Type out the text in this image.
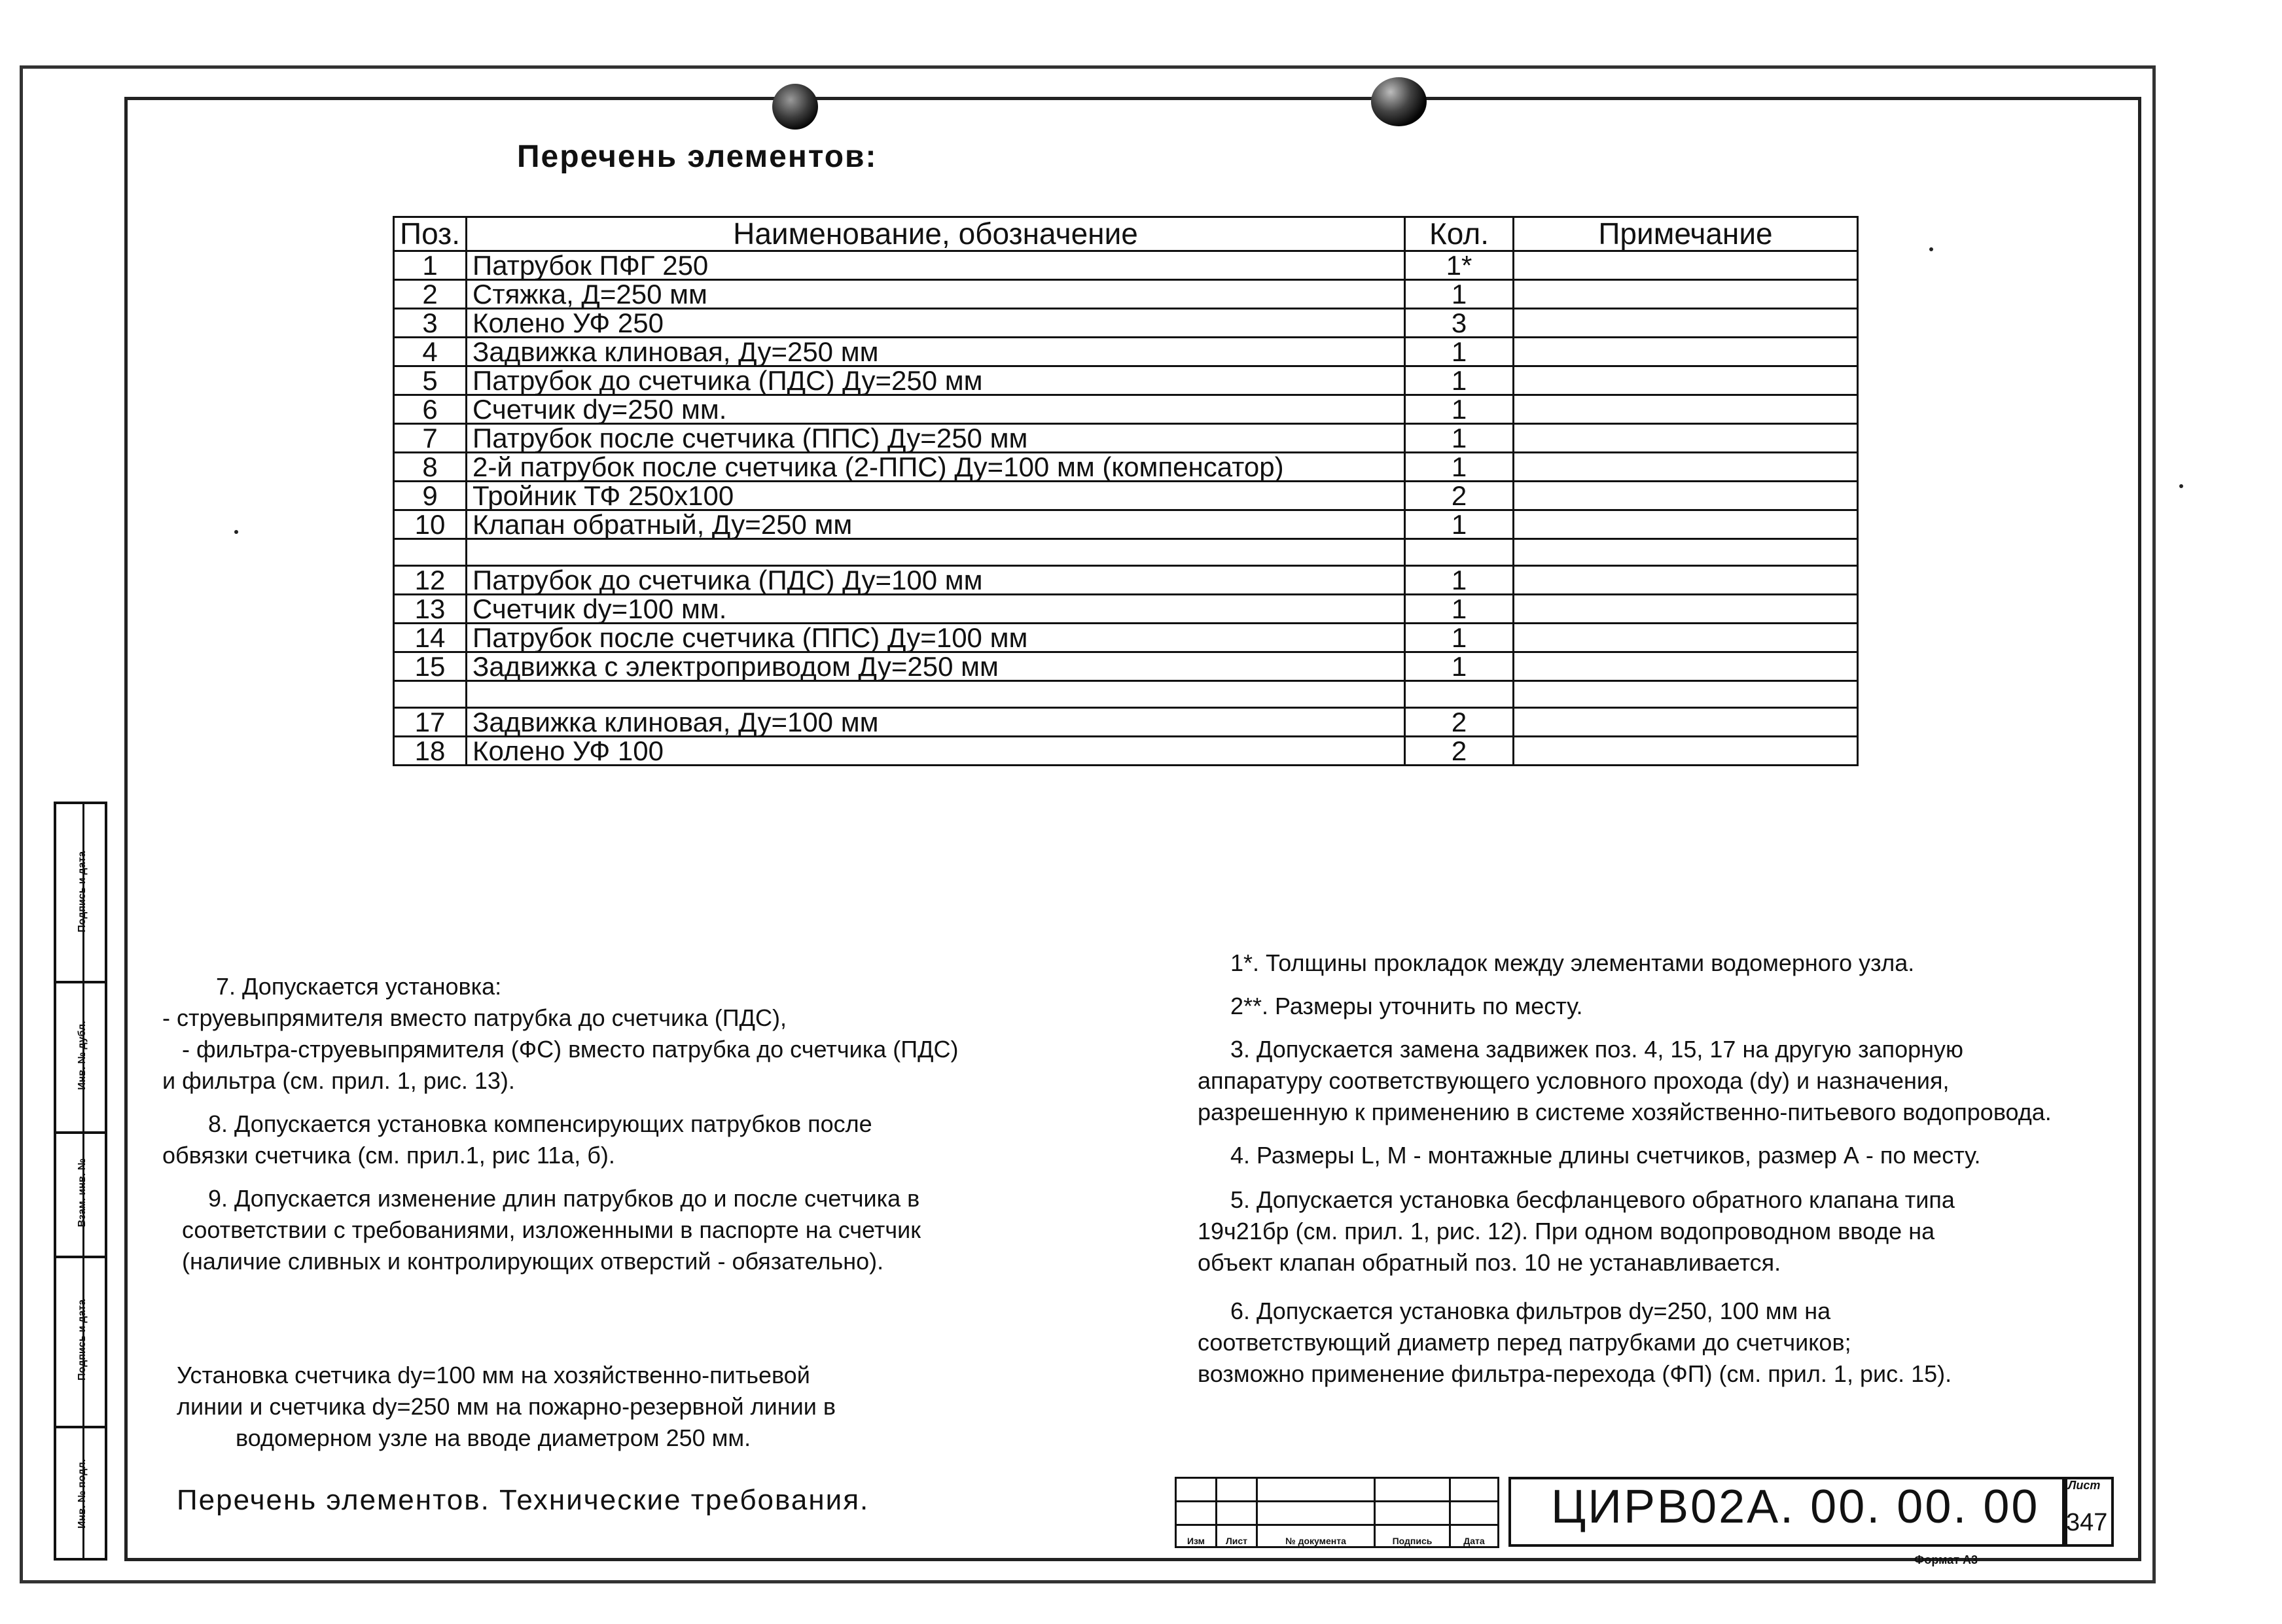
Перечень элементов:
Поз.	Наименование, обозначение	Кол.	Примечание
1	Патрубок ПФГ 250	1*	
2	Стяжка, Д=250 мм	1	
3	Колено УФ 250	3	
4	Задвижка клиновая, Ду=250 мм	1	
5	Патрубок до счетчика (ПДС) Ду=250 мм	1	
6	Счетчик dy=250 мм.	1	
7	Патрубок после счетчика (ППС) Ду=250 мм	1	
8	2-й патрубок после счетчика (2-ППС) Ду=100 мм (компенсатор)	1	
9	Тройник ТФ 250х100	2	
10	Клапан обратный, Ду=250 мм	1	

12	Патрубок до счетчика (ПДС) Ду=100 мм	1	
13	Счетчик dy=100 мм.	1	
14	Патрубок после счетчика (ППС) Ду=100 мм	1	
15	Задвижка с электроприводом Ду=250 мм	1	

17	Задвижка клиновая, Ду=100 мм	2	
18	Колено УФ 100	2	
7. Допускается установка:
- струевыпрямителя вместо патрубка до счетчика (ПДС),
- фильтра-струевыпрямителя (ФС) вместо патрубка до счетчика (ПДС)
и фильтра (см. прил. 1, рис. 13).
8. Допускается установка компенсирующих патрубков после
обвязки счетчика (см. прил.1, рис 11а, б).
9. Допускается изменение длин патрубков до и после счетчика в
соответствии с требованиями, изложенными в паспорте на счетчик
(наличие сливных и контролирующих отверстий - обязательно).
Установка счетчика dy=100 мм на хозяйственно-питьевой
линии и счетчика dy=250 мм на пожарно-резервной линии в
водомерном узле на вводе диаметром 250 мм.
1*. Толщины прокладок между элементами водомерного узла.
2**. Размеры уточнить по месту.
3. Допускается замена задвижек поз. 4, 15, 17 на другую запорную
аппаратуру соответствующего условного прохода (dy) и назначения,
разрешенную к применению в системе хозяйственно-питьевого водопровода.
4. Размеры L, M - монтажные длины счетчиков, размер А - по месту.
5. Допускается установка бесфланцевого обратного клапана типа
19ч21бр (см. прил. 1, рис. 12). При одном водопроводном вводе на
объект клапан обратный поз. 10 не устанавливается.
6. Допускается установка фильтров dy=250, 100 мм на
соответствующий диаметр перед патрубками до счетчиков;
возможно применение фильтра-перехода (ФП) (см. прил. 1, рис. 15).
Перечень элементов. Технические требования.

Изм	Лист	№ документа	Подпись	Дата
ЦИРВ02А. 00. 00. 00 Лист
347
Формат А3
Подпись и дата
Инв. № дубл.
Взам. инв. №
Подпись и дата
Инв. № подл.
